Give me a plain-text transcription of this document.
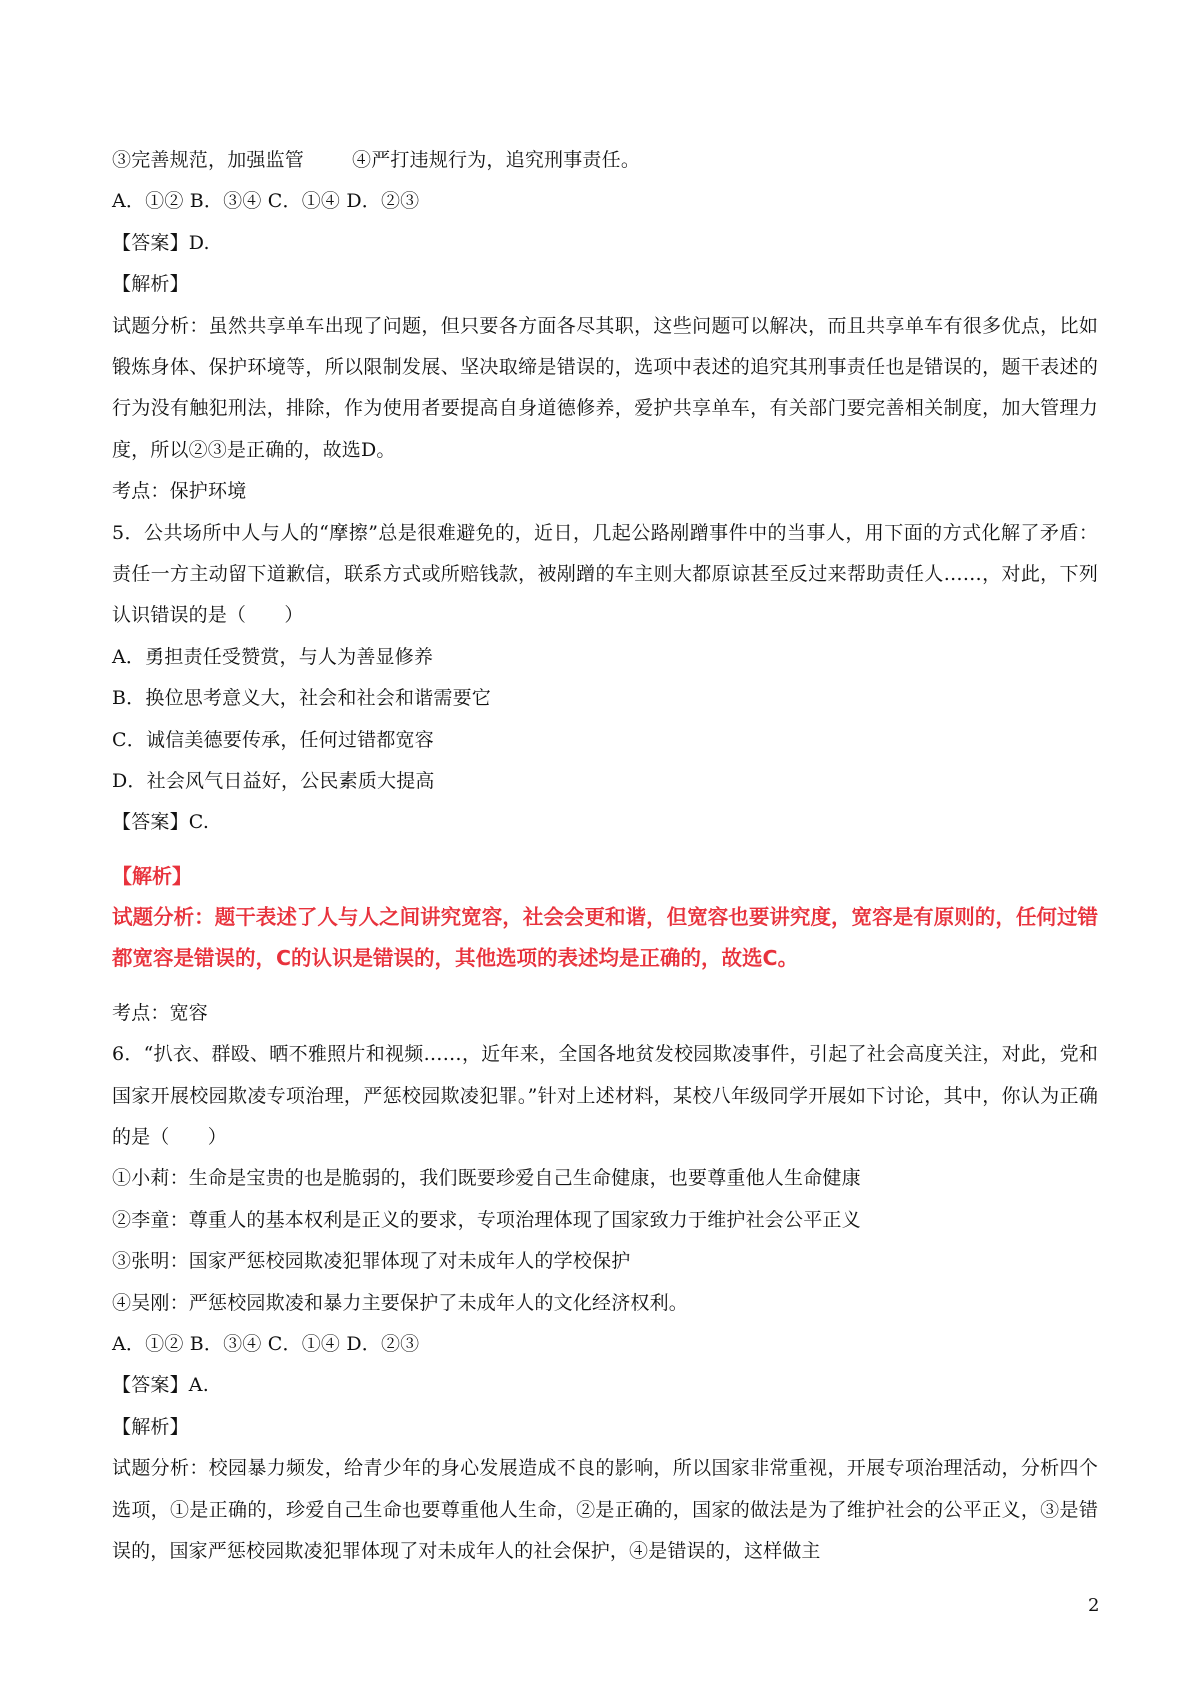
③完善规范，加强监管	④严打违规行为，追究刑事责任。
A．①② B．③④ C．①④ D．②③
【答案】D.
【解析】
试题分析：虽然共享单车出现了问题，但只要各方面各尽其职，这些问题可以解决，而且共享单车有很多优点，比如锻炼身体、保护环境等，所以限制发展、坚决取缔是错误的，选项中表述的追究其刑事责任也是错误的，题干表述的行为没有触犯刑法，排除，作为使用者要提高自身道德修养，爱护共享单车，有关部门要完善相关制度，加大管理力度，所以②③是正确的，故选D。
考点：保护环境
5．公共场所中人与人的“摩擦”总是很难避免的，近日，几起公路剐蹭事件中的当事人，用下面的方式化解了矛盾：责任一方主动留下道歉信，联系方式或所赔钱款，被剐蹭的车主则大都原谅甚至反过来帮助责任人……，对此，下列认识错误的是（　　）
A．勇担责任受赞赏，与人为善显修养
B．换位思考意义大，社会和社会和谐需要它
C．诚信美德要传承，任何过错都宽容
D．社会风气日益好，公民素质大提高
【答案】C.
【解析】
试题分析：题干表述了人与人之间讲究宽容，社会会更和谐，但宽容也要讲究度，宽容是有原则的，任何过错都宽容是错误的，C的认识是错误的，其他选项的表述均是正确的，故选C。
考点：宽容
6．“扒衣、群殴、晒不雅照片和视频……，近年来，全国各地贫发校园欺凌事件，引起了社会高度关注，对此，党和国家开展校园欺凌专项治理，严惩校园欺凌犯罪。”针对上述材料，某校八年级同学开展如下讨论，其中，你认为正确的是（　　）
①小莉：生命是宝贵的也是脆弱的，我们既要珍爱自己生命健康，也要尊重他人生命健康
②李童：尊重人的基本权利是正义的要求，专项治理体现了国家致力于维护社会公平正义
③张明：国家严惩校园欺凌犯罪体现了对未成年人的学校保护
④吴刚：严惩校园欺凌和暴力主要保护了未成年人的文化经济权利。
A．①② B．③④ C．①④ D．②③
【答案】A.
【解析】
试题分析：校园暴力频发，给青少年的身心发展造成不良的影响，所以国家非常重视，开展专项治理活动，分析四个选项，①是正确的，珍爱自己生命也要尊重他人生命，②是正确的，国家的做法是为了维护社会的公平正义，③是错误的，国家严惩校园欺凌犯罪体现了对未成年人的社会保护，④是错误的，这样做主
2
